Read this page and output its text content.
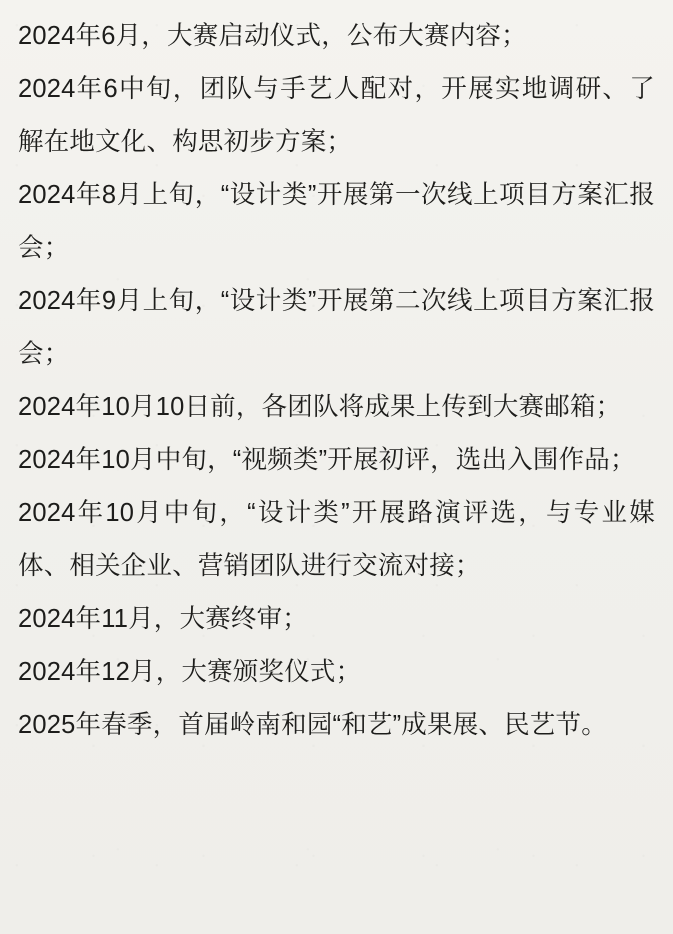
2024年6月，大赛启动仪式，公布大赛内容；

2024年6中旬，团队与手艺人配对，开展实地调研、了解在地文化、构思初步方案；

2024年8月上旬，“设计类”开展第一次线上项目方案汇报会；

2024年9月上旬，“设计类”开展第二次线上项目方案汇报会；

2024年10月10日前，各团队将成果上传到大赛邮箱；

2024年10月中旬，“视频类”开展初评，选出入围作品；

2024年10月中旬，“设计类”开展路演评选，与专业媒体、相关企业、营销团队进行交流对接；

2024年11月，大赛终审；

2024年12月，大赛颁奖仪式；

2025年春季，首届岭南和园“和艺”成果展、民艺节。
